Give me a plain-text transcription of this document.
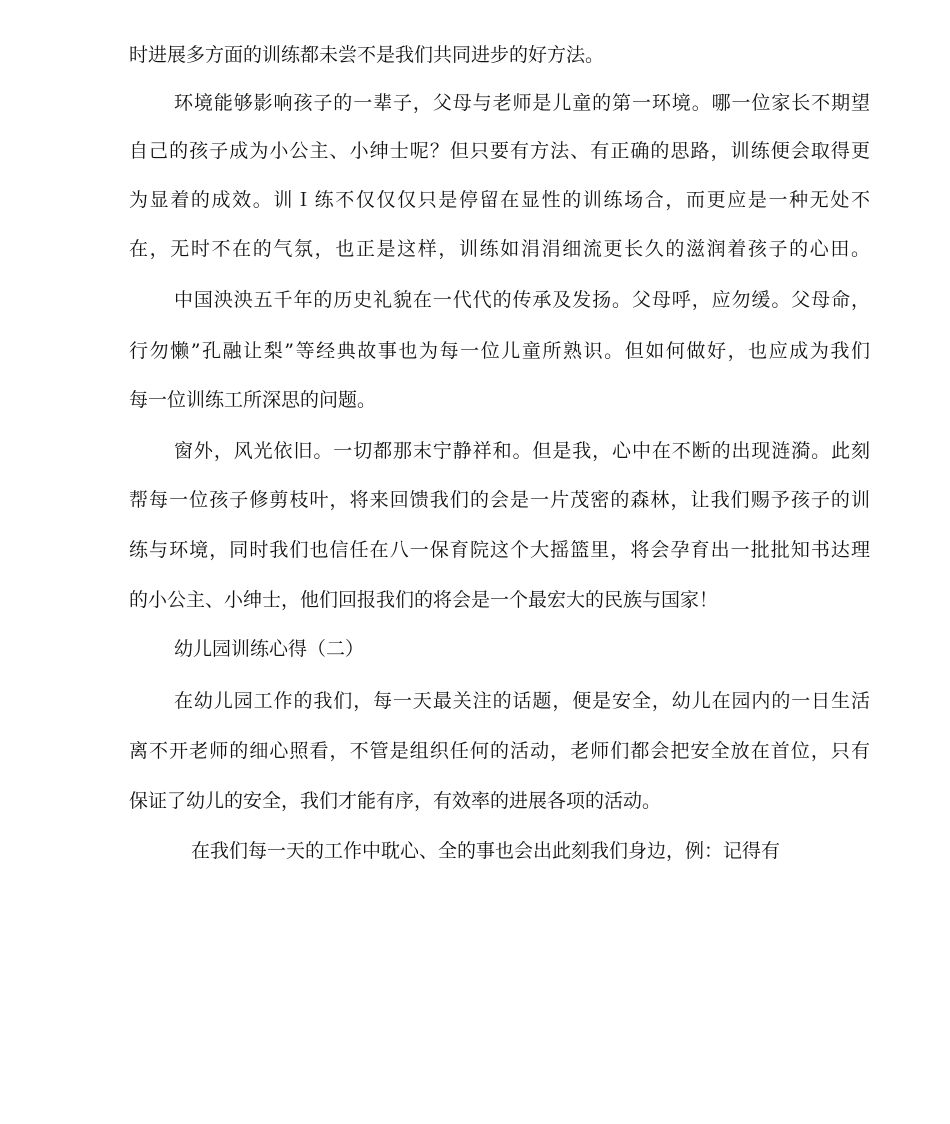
时进展多方面的训练都未尝不是我们共同进步的好方法。

环境能够影响孩子的一辈子，父母与老师是儿童的第一环境。哪一位家长不期望

自己的孩子成为小公主、小绅士呢？但只要有方法、有正确的思路，训练便会取得更

为显着的成效。训Ｉ练不仅仅仅只是停留在显性的训练场合，而更应是一种无处不

在，无时不在的气氛，也正是这样，训练如涓涓细流更长久的滋润着孩子的心田。

中国泱泱五千年的历史礼貌在一代代的传承及发扬。父母呼，应勿缓。父母命，

行勿懒”孔融让梨”等经典故事也为每一位儿童所熟识。但如何做好，也应成为我们

每一位训练工所深思的问题。

窗外，风光依旧。一切都那末宁静祥和。但是我，心中在不断的出现涟漪。此刻

帮每一位孩子修剪枝叶，将来回馈我们的会是一片茂密的森林，让我们赐予孩子的训

练与环境，同时我们也信任在八一保育院这个大摇篮里，将会孕育出一批批知书达理

的小公主、小绅士，他们回报我们的将会是一个最宏大的民族与国家！

幼儿园训练心得（二）

在幼儿园工作的我们，每一天最关注的话题，便是安全，幼儿在园内的一日生活

离不开老师的细心照看，不管是组织任何的活动，老师们都会把安全放在首位，只有

保证了幼儿的安全，我们才能有序，有效率的进展各项的活动。

在我们每一天的工作中耽心、全的事也会出此刻我们身边，例：记得有
